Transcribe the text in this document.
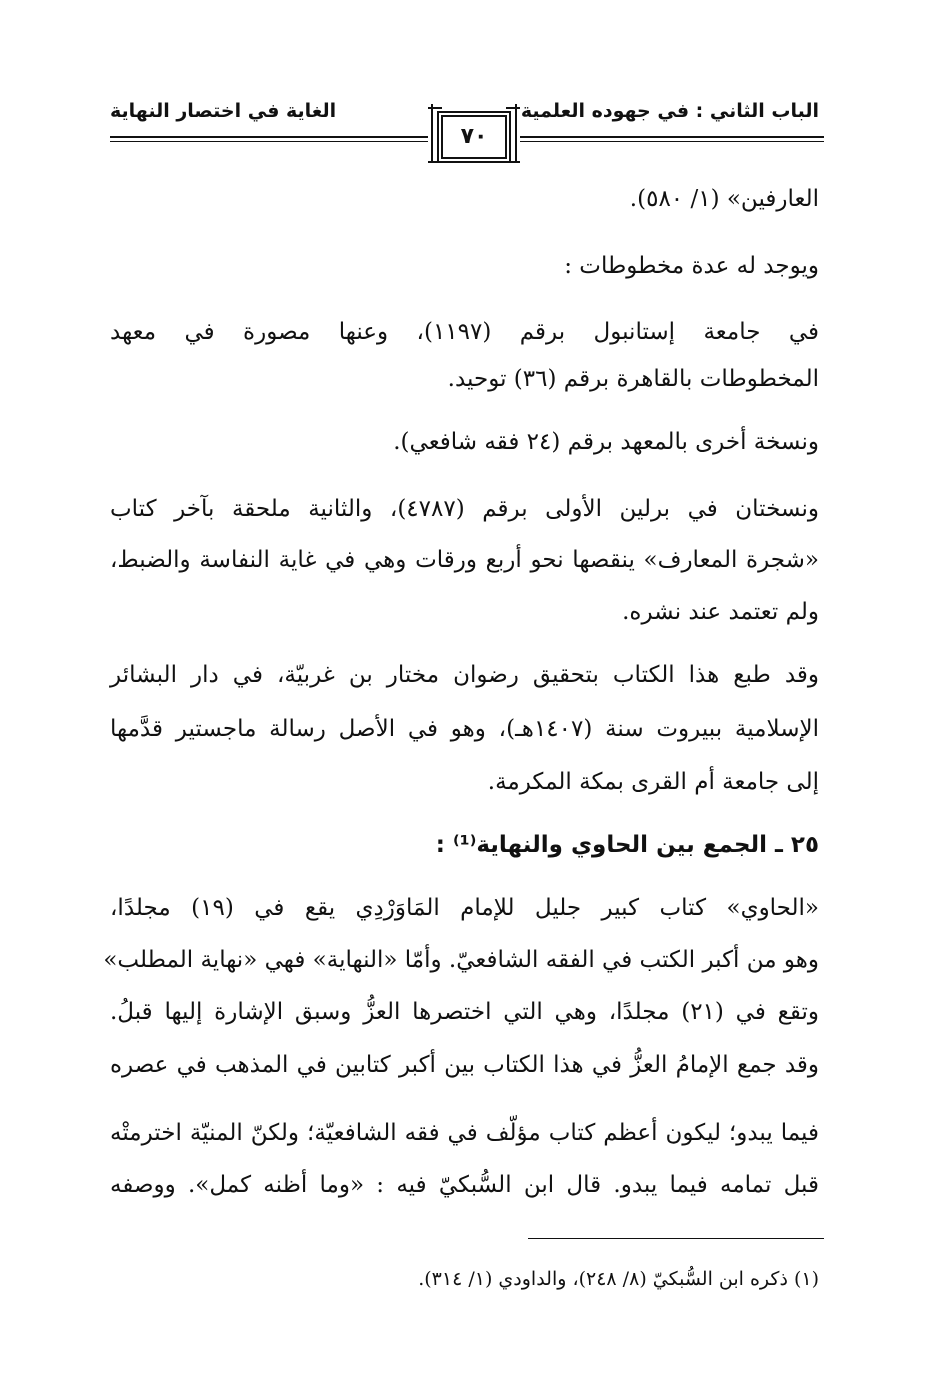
الباب الثاني : في جهوده العلمية
الغاية في اختصار النهاية
٧٠
العارفين» (١/ ٥٨٠).
ويوجد له عدة مخطوطات :
في جامعة إستانبول برقم (١١٩٧)، وعنها مصورة في معهد
المخطوطات بالقاهرة برقم (٣٦) توحيد.
ونسخة أخرى بالمعهد برقم (٢٤ فقه شافعي).
ونسختان في برلين الأولى برقم (٤٧٨٧)، والثانية ملحقة بآخر كتاب
«شجرة المعارف» ينقصها نحو أربع ورقات وهي في غاية النفاسة والضبط،
ولم تعتمد عند نشره.
وقد طبع هذا الكتاب بتحقيق رضوان مختار بن غربيّة، في دار البشائر
الإسلامية ببيروت سنة (١٤٠٧هـ)، وهو في الأصل رسالة ماجستير قدَّمها
إلى جامعة أم القرى بمكة المكرمة.
٢٥ ـ الجمع بين الحاوي والنهاية⁽¹⁾ :
«الحاوي» كتاب كبير جليل للإمام المَاوَرْدِي يقع في (١٩) مجلدًا،
وهو من أكبر الكتب في الفقه الشافعيّ. وأمّا «النهاية» فهي «نهاية المطلب»
وتقع في (٢١) مجلدًا، وهي التي اختصرها العزُّ وسبق الإشارة إليها قبلُ.
وقد جمع الإمامُ العزُّ في هذا الكتاب بين أكبر كتابين في المذهب في عصره
فيما يبدو؛ ليكون أعظم كتاب مؤلّف في فقه الشافعيّة؛ ولكنّ المنيّة اخترمتْه
قبل تمامه فيما يبدو. قال ابن السُّبكيّ فيه : «وما أظنه كمل». ووصفه
(١) ذكره ابن السُّبكيّ (٨/ ٢٤٨)، والداودي (١/ ٣١٤).
